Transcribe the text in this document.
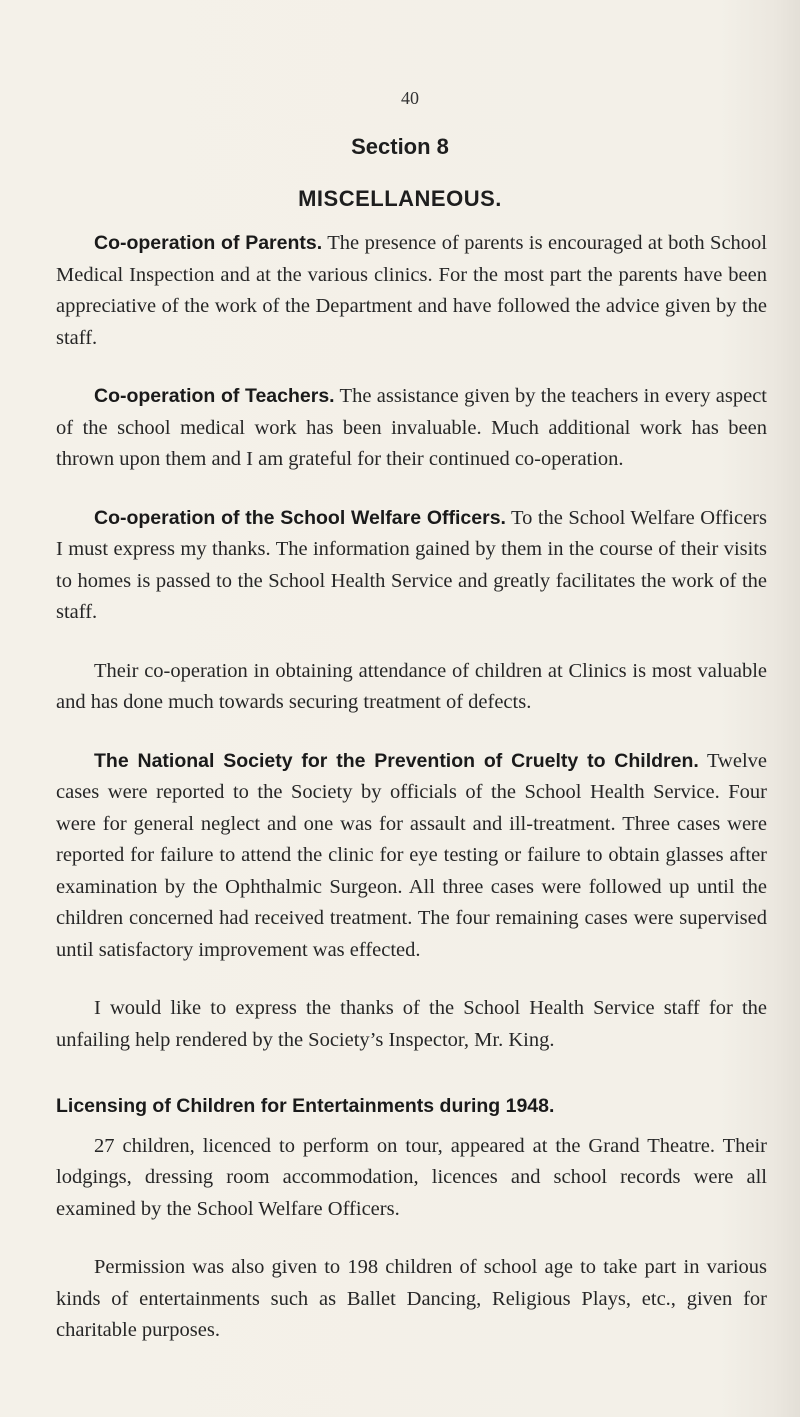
40
Section 8
MISCELLANEOUS.

Co-operation of Parents. The presence of parents is encouraged at both School Medical Inspection and at the various clinics. For the most part the parents have been appreciative of the work of the Department and have followed the advice given by the staff.

Co-operation of Teachers. The assistance given by the teachers in every aspect of the school medical work has been invaluable. Much additional work has been thrown upon them and I am grateful for their continued co-operation.

Co-operation of the School Welfare Officers. To the School Welfare Officers I must express my thanks. The information gained by them in the course of their visits to homes is passed to the School Health Service and greatly facilitates the work of the staff.

Their co-operation in obtaining attendance of children at Clinics is most valuable and has done much towards securing treatment of defects.

The National Society for the Prevention of Cruelty to Children. Twelve cases were reported to the Society by officials of the School Health Service. Four were for general neglect and one was for assault and ill-treatment. Three cases were reported for failure to attend the clinic for eye testing or failure to obtain glasses after examination by the Ophthalmic Surgeon. All three cases were followed up until the children concerned had received treatment. The four remaining cases were supervised until satisfactory improvement was effected.

I would like to express the thanks of the School Health Service staff for the unfailing help rendered by the Society’s Inspector, Mr. King.

Licensing of Children for Entertainments during 1948.

27 children, licenced to perform on tour, appeared at the Grand Theatre. Their lodgings, dressing room accommodation, licences and school records were all examined by the School Welfare Officers.

Permission was also given to 198 children of school age to take part in various kinds of entertainments such as Ballet Dancing, Religious Plays, etc., given for charitable purposes.
